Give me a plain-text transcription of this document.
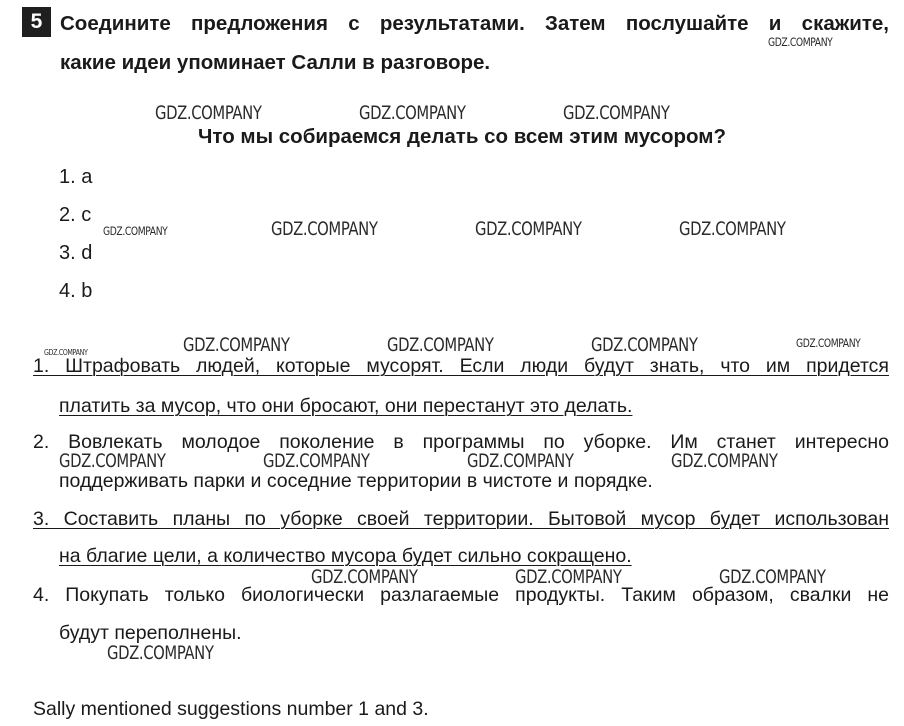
5 Соедините предложения с результатами. Затем послушайте и скажите,
какие идеи упоминает Салли в разговоре.
Что мы собираемся делать со всем этим мусором?
1. a
2. c
3. d
4. b
1. Штрафовать людей, которые мусорят. Если люди будут знать, что им придется
платить за мусор, что они бросают, они перестанут это делать.
2. Вовлекать молодое поколение в программы по уборке. Им станет интересно
поддерживать парки и соседние территории в чистоте и порядке.
3. Составить планы по уборке своей территории. Бытовой мусор будет использован
на благие цели, а количество мусора будет сильно сокращено.
4. Покупать только биологически разлагаемые продукты. Таким образом, свалки не
будут переполнены.
Sally mentioned suggestions number 1 and 3.
GDZ.COMPANY
GDZ.COMPANY	GDZ.COMPANY	GDZ.COMPANY
GDZ.COMPANY	GDZ.COMPANY	GDZ.COMPANY	GDZ.COMPANY
GDZ.COMPANY	GDZ.COMPANY	GDZ.COMPANY	GDZ.COMPANY	GDZ.COMPANY
GDZ.COMPANY	GDZ.COMPANY	GDZ.COMPANY	GDZ.COMPANY
GDZ.COMPANY	GDZ.COMPANY	GDZ.COMPANY
GDZ.COMPANY
